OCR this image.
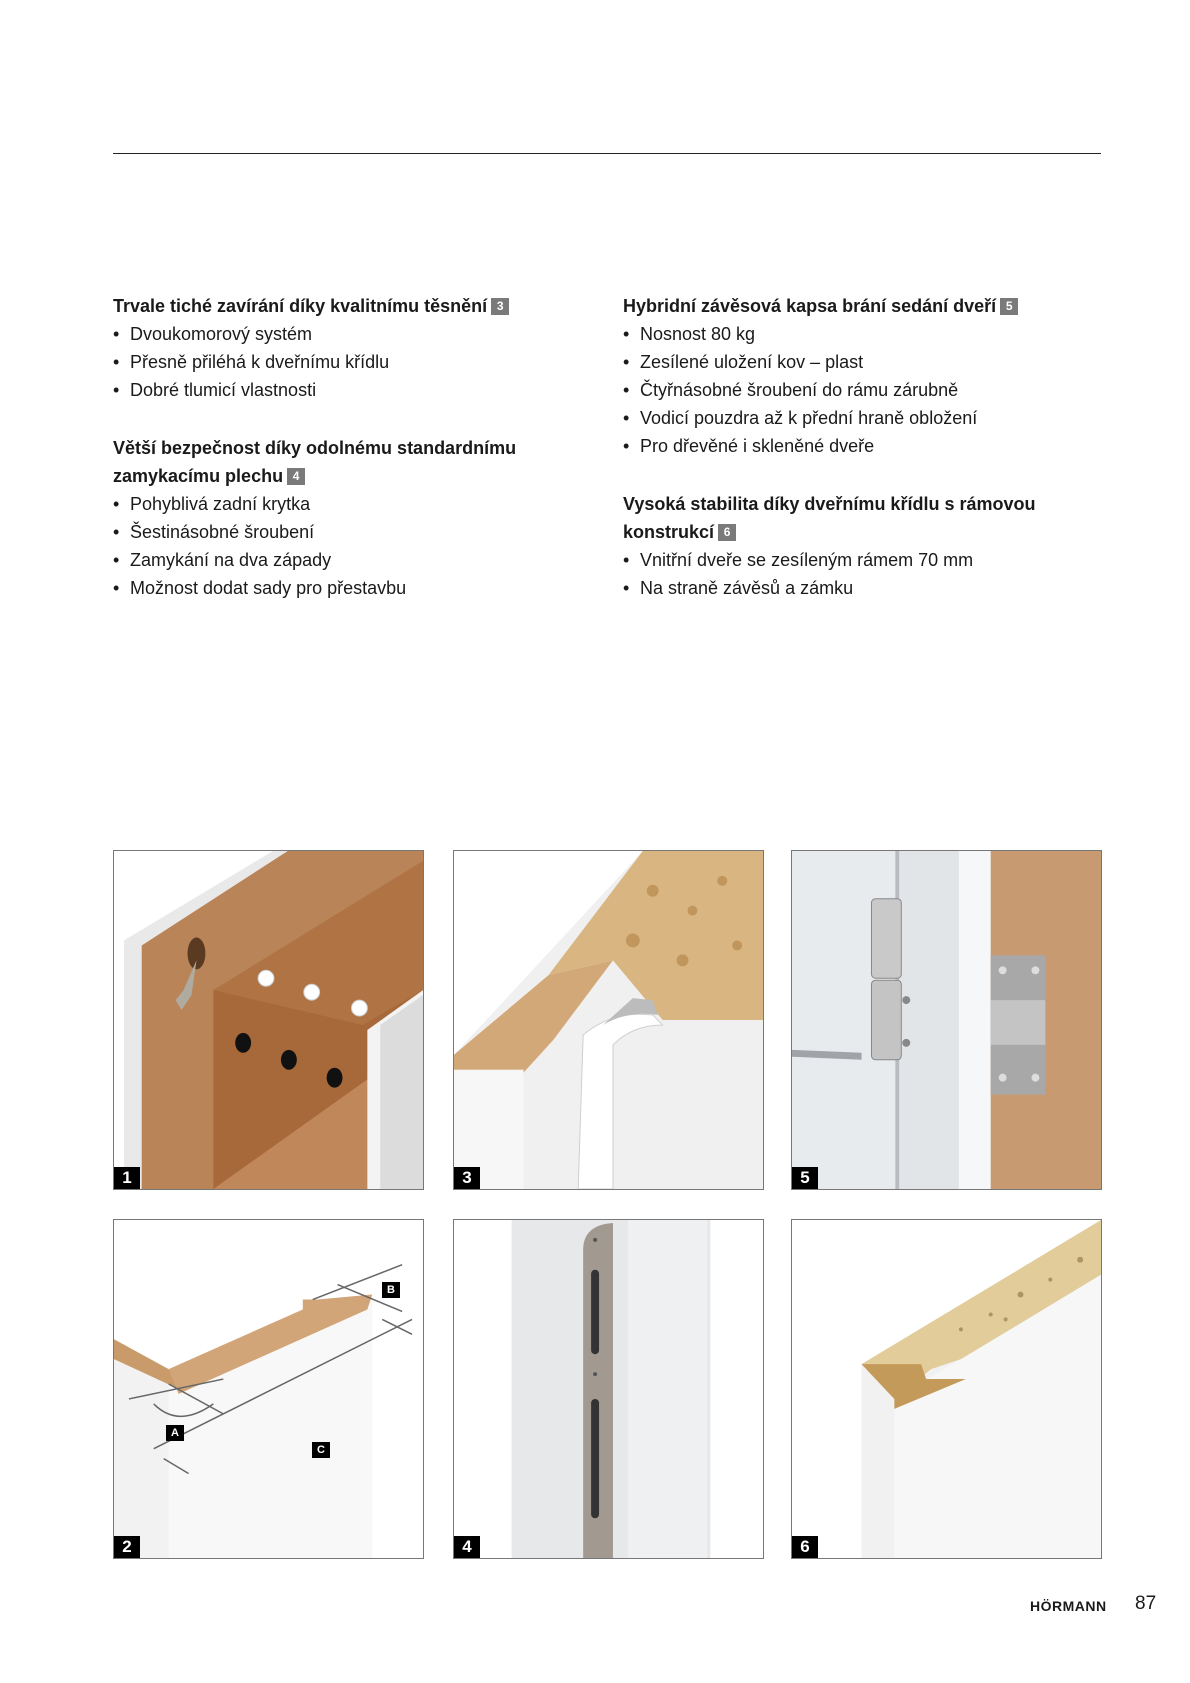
Trvale tiché zavírání díky kvalitnímu těsnění 3

• Dvoukomorový systém
• Přesně přiléhá k dveřnímu křídlu
• Dobré tlumicí vlastnosti

Větší bezpečnost díky odolnému standardnímu zamykacímu plechu 4

• Pohyblivá zadní krytka
• Šestinásobné šroubení
• Zamykání na dva západy
• Možnost dodat sady pro přestavbu

Hybridní závěsová kapsa brání sedání dveří 5

• Nosnost 80 kg
• Zesílené uložení kov – plast
• Čtyřnásobné šroubení do rámu zárubně
• Vodicí pouzdra až k přední hraně obložení
• Pro dřevěné i skleněné dveře

Vysoká stabilita díky dveřnímu křídlu s rámovou konstrukcí 6

• Vnitřní dveře se zesíleným rámem 70 mm
• Na straně závěsů a zámku
1	3	5
A
B
C
2	4	6
HÖRMANN 87
